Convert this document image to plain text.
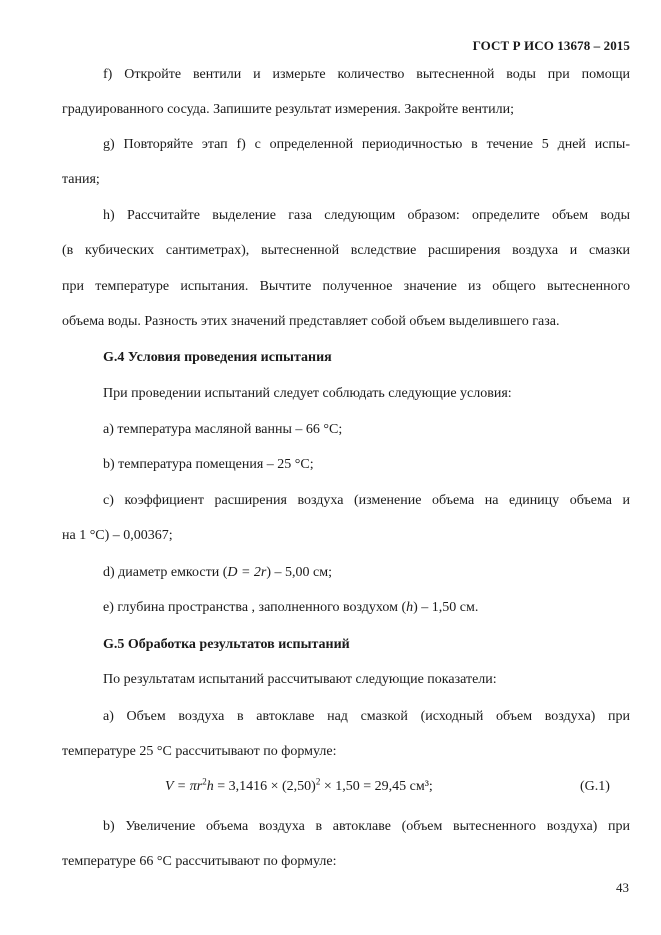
ГОСТ Р ИСО 13678 – 2015
f) Откройте вентили и измерьте количество вытесненной воды при помощи
градуированного сосуда. Запишите результат измерения. Закройте вентили;
g) Повторяйте этап f) с определенной периодичностью в течение 5 дней испы-
тания;
h) Рассчитайте выделение газа следующим образом: определите объем воды
(в кубических сантиметрах), вытесненной вследствие расширения воздуха и смазки
при температуре испытания. Вычтите полученное значение из общего вытесненного
объема воды. Разность этих значений представляет собой объем выделившего газа.
G.4 Условия проведения испытания
При проведении испытаний следует соблюдать следующие условия:
a) температура масляной ванны – 66 °С;
b) температура помещения – 25 °С;
c) коэффициент расширения воздуха (изменение объема на единицу объема и
на 1 °С) – 0,00367;
d) диаметр емкости (D = 2r) – 5,00 см;
e) глубина пространства , заполненного воздухом (h) – 1,50 см.
G.5 Обработка результатов испытаний
По результатам испытаний рассчитывают следующие показатели:
a) Объем воздуха в автоклаве над смазкой (исходный объем воздуха) при
температуре 25 °С рассчитывают по формуле:
$V = \pi r^2h = 3,1416 \times (2,50)^2 \times 1,50 = 29,45$ см³;	(G.1)
b) Увеличение объема воздуха в автоклаве (объем вытесненного воздуха) при
температуре 66 °С рассчитывают по формуле:
43
